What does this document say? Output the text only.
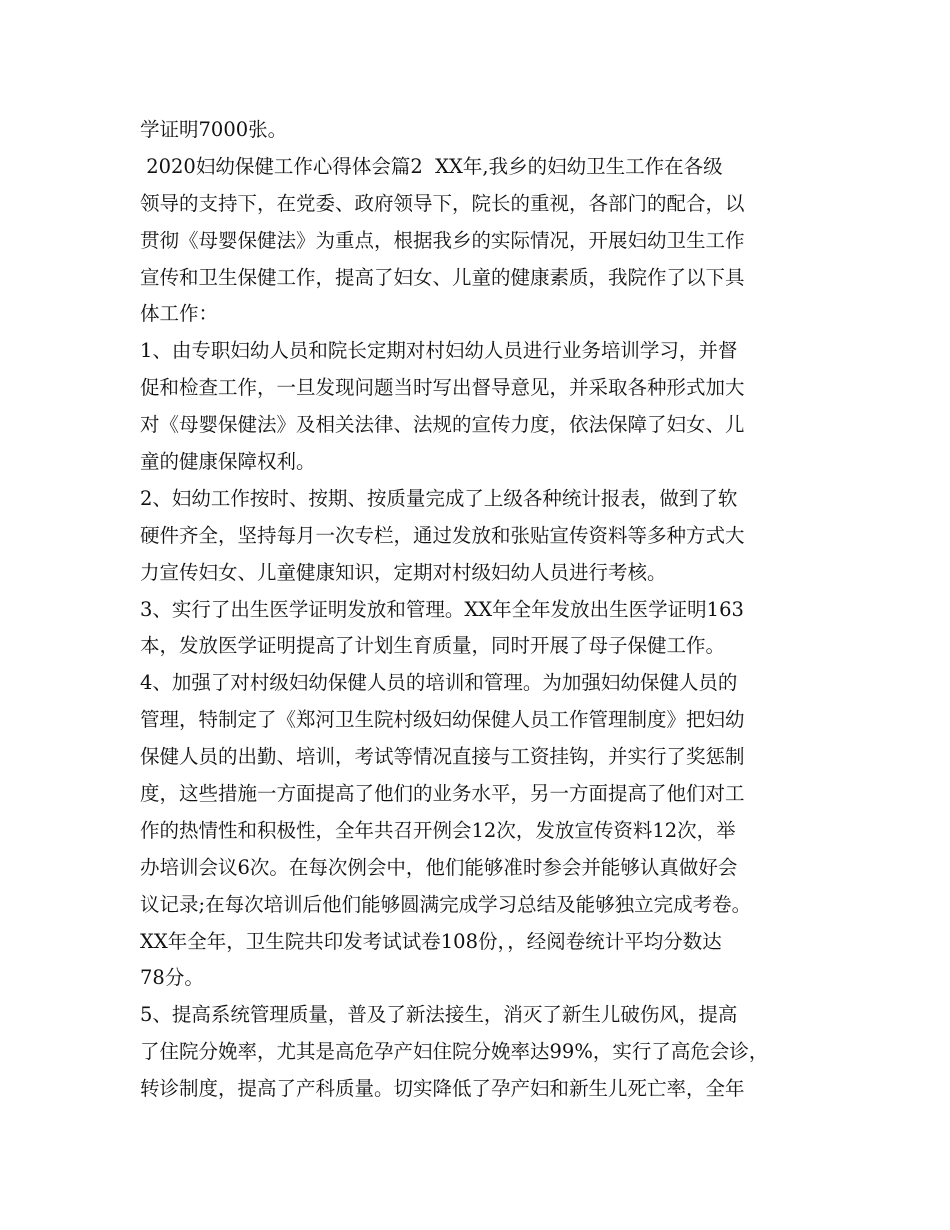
学证明7000张。
2020妇幼保健工作心得体会篇2  XX年,我乡的妇幼卫生工作在各级
领导的支持下，在党委、政府领导下，院长的重视，各部门的配合，以
贯彻《母婴保健法》为重点，根据我乡的实际情况，开展妇幼卫生工作
宣传和卫生保健工作，提高了妇女、儿童的健康素质，我院作了以下具
体工作：
1、由专职妇幼人员和院长定期对村妇幼人员进行业务培训学习，并督
促和检查工作，一旦发现问题当时写出督导意见，并采取各种形式加大
对《母婴保健法》及相关法律、法规的宣传力度，依法保障了妇女、儿
童的健康保障权利。
2、妇幼工作按时、按期、按质量完成了上级各种统计报表，做到了软
硬件齐全，坚持每月一次专栏，通过发放和张贴宣传资料等多种方式大
力宣传妇女、儿童健康知识，定期对村级妇幼人员进行考核。
3、实行了出生医学证明发放和管理。XX年全年发放出生医学证明163
本，发放医学证明提高了计划生育质量，同时开展了母子保健工作。
4、加强了对村级妇幼保健人员的培训和管理。为加强妇幼保健人员的
管理，特制定了《郑河卫生院村级妇幼保健人员工作管理制度》把妇幼
保健人员的出勤、培训，考试等情况直接与工资挂钩，并实行了奖惩制
度，这些措施一方面提高了他们的业务水平，另一方面提高了他们对工
作的热情性和积极性，全年共召开例会12次，发放宣传资料12次，举
办培训会议6次。在每次例会中，他们能够准时参会并能够认真做好会
议记录;在每次培训后他们能够圆满完成学习总结及能够独立完成考卷。
XX年全年，卫生院共印发考试试卷108份，，经阅卷统计平均分数达
78分。
5、提高系统管理质量，普及了新法接生，消灭了新生儿破伤风，提高
了住院分娩率，尤其是高危孕产妇住院分娩率达99%，实行了高危会诊，
转诊制度，提高了产科质量。切实降低了孕产妇和新生儿死亡率，全年
